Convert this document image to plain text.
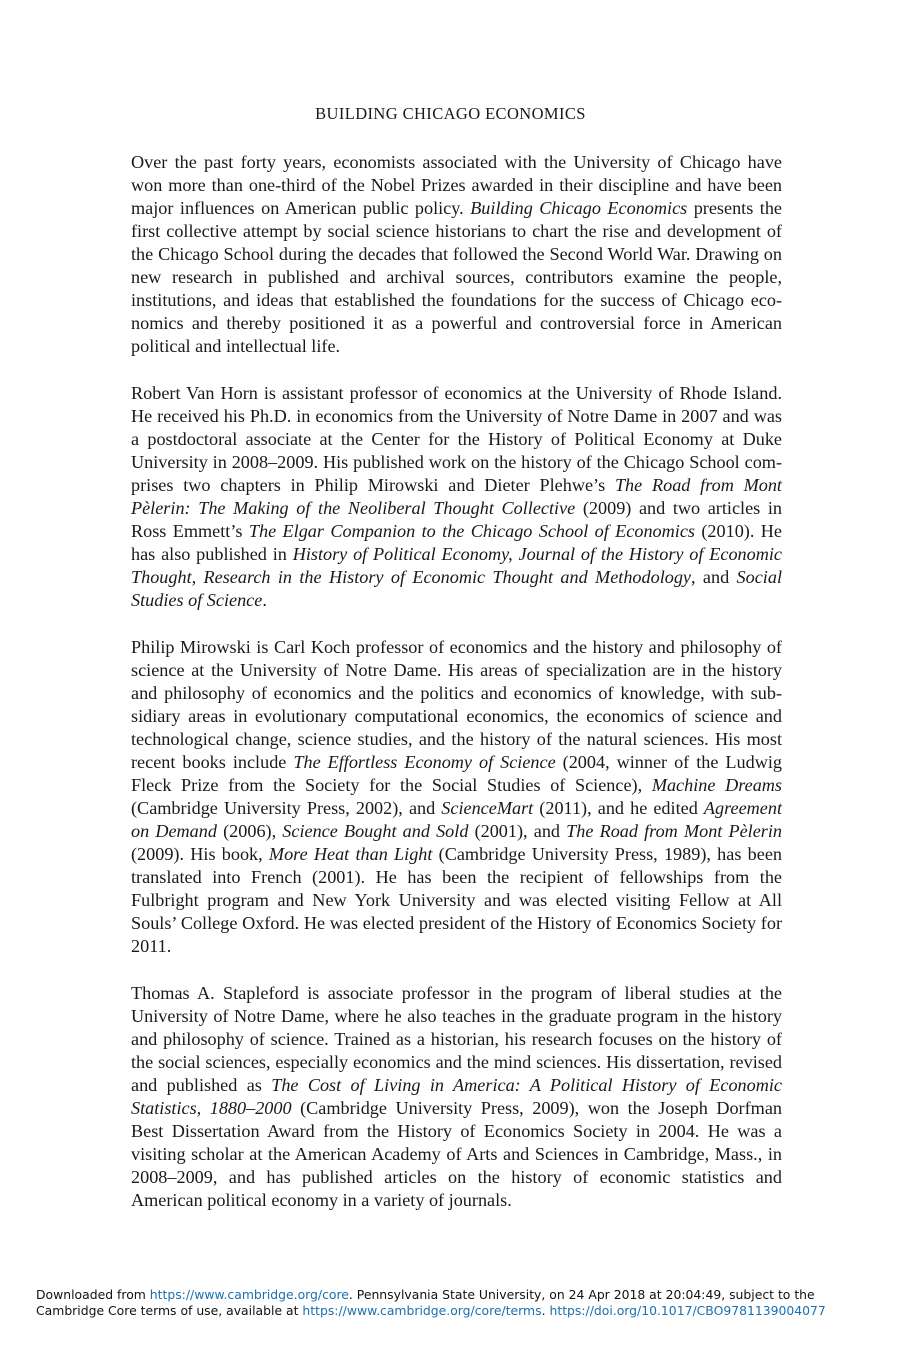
BUILDING CHICAGO ECONOMICS

Over the past forty years, economists associated with the University of Chicago have won more than one-third of the Nobel Prizes awarded in their discipline and have been major influences on American public policy. Building Chicago Economics presents the first collective attempt by social science historians to chart the rise and development of the Chicago School during the decades that followed the Second World War. Drawing on new research in published and archival sources, contributors examine the people, institutions, and ideas that established the foundations for the success of Chicago economics and thereby positioned it as a powerful and controversial force in American political and intellectual life.

Robert Van Horn is assistant professor of economics at the University of Rhode Island. He received his Ph.D. in economics from the University of Notre Dame in 2007 and was a postdoctoral associate at the Center for the History of Political Economy at Duke University in 2008–2009. His published work on the history of the Chicago School comprises two chapters in Philip Mirowski and Dieter Plehwe’s The Road from Mont Pèlerin: The Making of the Neoliberal Thought Collective (2009) and two articles in Ross Emmett’s The Elgar Companion to the Chicago School of Economics (2010). He has also published in History of Political Economy, Journal of the History of Economic Thought, Research in the History of Economic Thought and Methodology, and Social Studies of Science.

Philip Mirowski is Carl Koch professor of economics and the history and philosophy of science at the University of Notre Dame. His areas of specialization are in the history and philosophy of economics and the politics and economics of knowledge, with subsidiary areas in evolutionary computational economics, the economics of science and technological change, science studies, and the history of the natural sciences. His most recent books include The Effortless Economy of Science (2004, winner of the Ludwig Fleck Prize from the Society for the Social Studies of Science), Machine Dreams (Cambridge University Press, 2002), and ScienceMart (2011), and he edited Agreement on Demand (2006), Science Bought and Sold (2001), and The Road from Mont Pèlerin (2009). His book, More Heat than Light (Cambridge University Press, 1989), has been translated into French (2001). He has been the recipient of fellowships from the Fulbright program and New York University and was elected visiting Fellow at All Souls’ College Oxford. He was elected president of the History of Economics Society for 2011.

Thomas A. Stapleford is associate professor in the program of liberal studies at the University of Notre Dame, where he also teaches in the graduate program in the history and philosophy of science. Trained as a historian, his research focuses on the history of the social sciences, especially economics and the mind sciences. His dissertation, revised and published as The Cost of Living in America: A Political History of Economic Statistics, 1880–2000 (Cambridge University Press, 2009), won the Joseph Dorfman Best Dissertation Award from the History of Economics Society in 2004. He was a visiting scholar at the American Academy of Arts and Sciences in Cambridge, Mass., in 2008–2009, and has published articles on the history of economic statistics and American political economy in a variety of journals.

Downloaded from https://www.cambridge.org/core. Pennsylvania State University, on 24 Apr 2018 at 20:04:49, subject to the Cambridge Core terms of use, available at https://www.cambridge.org/core/terms. https://doi.org/10.1017/CBO9781139004077
